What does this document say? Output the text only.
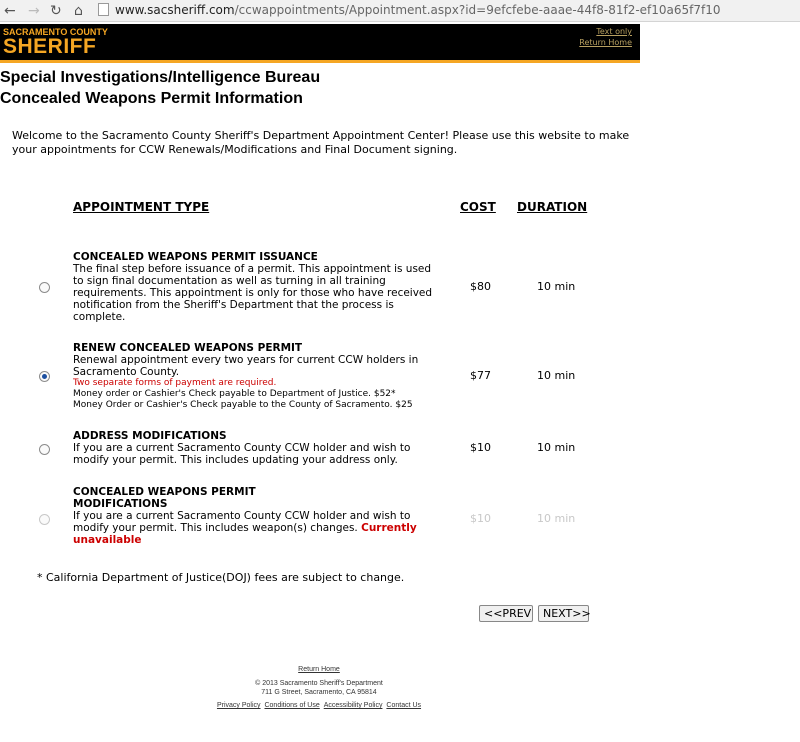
← → ↻ ⌂	www.sacsheriff.com/ccwappointments/Appointment.aspx?id=9efcfebe-aaae-44f8-81f2-ef10a65f7f10
SACRAMENTO COUNTY
SHERIFF
Text only
Return Home
Special Investigations/Intelligence Bureau
Concealed Weapons Permit Information
Welcome to the Sacramento County Sheriff's Department Appointment Center! Please use this website to make your appointments for CCW Renewals/Modifications and Final Document signing.
APPOINTMENT TYPE	COST DURATION
CONCEALED WEAPONS PERMIT ISSUANCE
The final step before issuance of a permit. This appointment is used to sign final documentation as well as turning in all training requirements. This appointment is only for those who have received notification from the Sheriff's Department that the process is complete.
$80	10 min
RENEW CONCEALED WEAPONS PERMIT
Renewal appointment every two years for current CCW holders in Sacramento County.
Two separate forms of payment are required.
Money order or Cashier's Check payable to Department of Justice. $52*
Money Order or Cashier's Check payable to the County of Sacramento. $25
$77	10 min
ADDRESS MODIFICATIONS
If you are a current Sacramento County CCW holder and wish to modify your permit. This includes updating your address only.
$10	10 min
CONCEALED WEAPONS PERMIT MODIFICATIONS
If you are a current Sacramento County CCW holder and wish to modify your permit. This includes weapon(s) changes. Currently unavailable
$10	10 min
* California Department of Justice(DOJ) fees are subject to change.
<<PREV	NEXT>>
Return Home
© 2013 Sacramento Sheriff's Department
711 G Street, Sacramento, CA 95814
Privacy Policy Conditions of Use Accessibility Policy Contact Us
